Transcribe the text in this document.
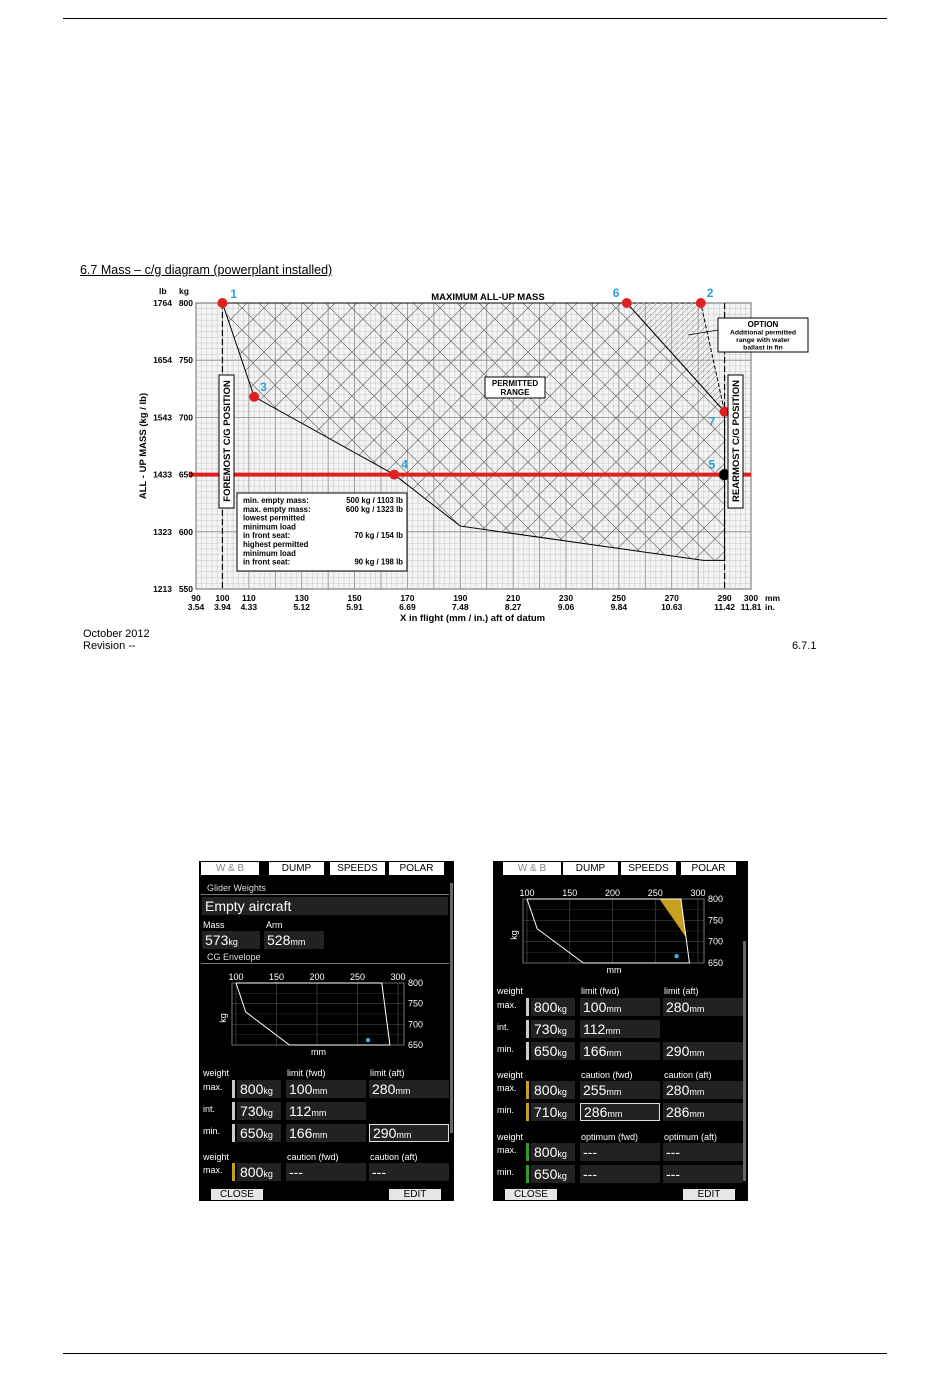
6.7 Mass – c/g diagram (powerplant installed)
1	2
3
4	5
6
7
90
3.54
100
3.94
110
4.33
130
5.12
150
5.91
170
6.69
190
7.48
210
8.27
230
9.06
250
9.84
270
10.63
290
11.42
300
11.81
mm
in.
X in flight (mm / in.) aft of datum
550
1213
600
1323
650
1433
700
1543
750
1654
800
1764
lb kg
ALL - UP MASS (kg / lb)
MAXIMUM ALL-UP MASS
FOREMOST C/G POSITION	REARMOST C/G POSITION
PERMITTED
RANGE
OPTION
Additional permitted
range with water
ballast in fin
min. empty mass:	500 kg / 1103 lb
max. empty mass:	600 kg / 1323 lb
lowest permitted
minimum load
in front seat:	70 kg / 154 lb
highest permitted
minimum load
in front seat:	90 kg / 198 lb
October 2012
Revision --	6.7.1
W & B	DUMP	SPEEDS	POLAR
Glider Weights
Empty aircraft
Mass	Arm
573kg	528mm
CG Envelope
100	150	200	250	300
800
750
700
650
mm
kg
weight	limit (fwd)	limit (aft)
max. 800kg	100mm	280mm
int. 730kg	112mm
min. 650kg	166mm	290mm
weight	caution (fwd)	caution (aft)
max. 800kg	---	---
CLOSE	EDIT
W & B	DUMP	SPEEDS	POLAR
100	150	200	250	300
800
750
700
650
mm
kg
weight	limit (fwd)	limit (aft)
max. 800kg	100mm	280mm
int. 730kg	112mm
min. 650kg	166mm	290mm
weight	caution (fwd)	caution (aft)
max. 800kg	255mm	280mm
min. 710kg	286mm	286mm
weight	optimum (fwd)	optimum (aft)
max. 800kg	---	---
min. 650kg	---	---
CLOSE	EDIT
